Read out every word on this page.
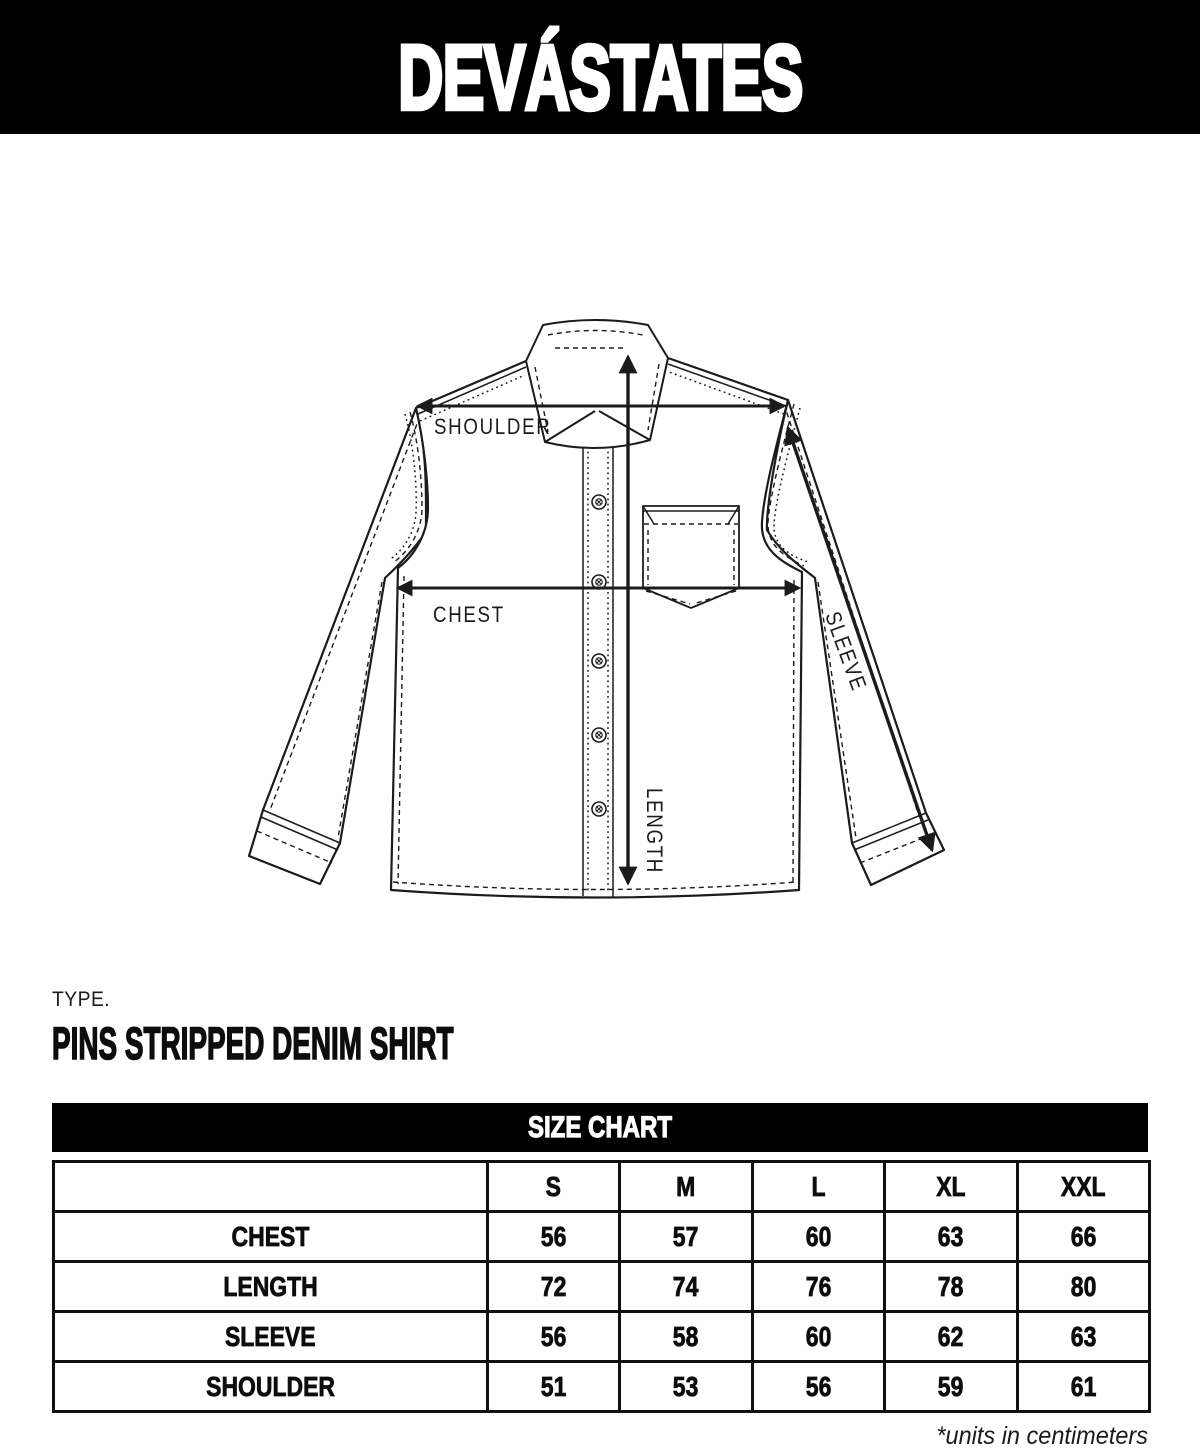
DEVÁSTATES
SHOULDER
CHEST
LENGTH
SLEEVE
TYPE.
PINS STRIPPED DENIM SHIRT
SIZE CHART
	S	M	L	XL	XXL
CHEST	56	57	60	63	66
LENGTH	72	74	76	78	80
SLEEVE	56	58	60	62	63
SHOULDER	51	53	56	59	61
*units in centimeters
